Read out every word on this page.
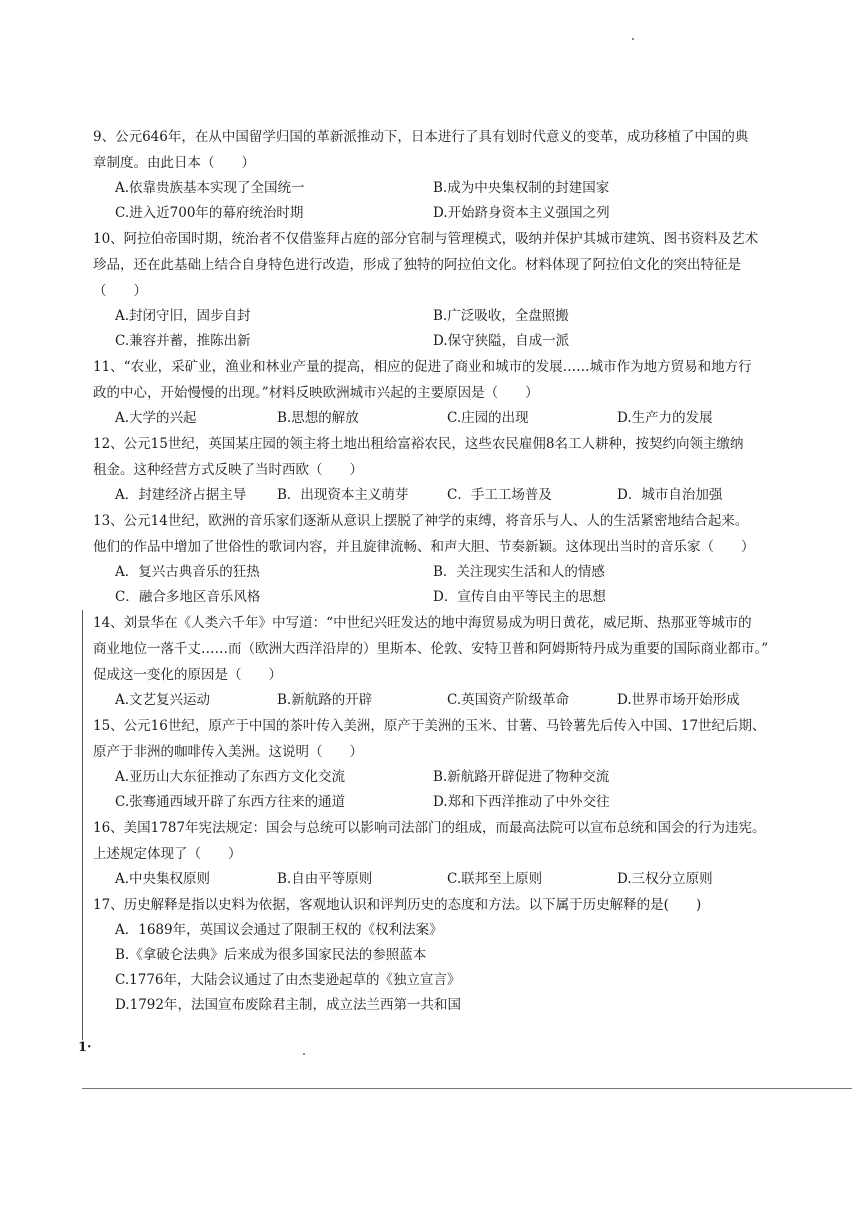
1·

9、公元646年，在从中国留学归国的革新派推动下，日本进行了具有划时代意义的变革，成功移植了中国的典
章制度。由此日本（　　）

A.依靠贵族基本实现了全国统一	B.成为中央集权制的封建国家
C.进入近700年的幕府统治时期	D.开始跻身资本主义强国之列

10、阿拉伯帝国时期，统治者不仅借鉴拜占庭的部分官制与管理模式，吸纳并保护其城市建筑、图书资料及艺术
珍品，还在此基础上结合自身特色进行改造，形成了独特的阿拉伯文化。材料体现了阿拉伯文化的突出特征是
（　　）

A.封闭守旧，固步自封	B.广泛吸收，全盘照搬
C.兼容并蓄，推陈出新	D.保守狭隘，自成一派

11、“农业，采矿业，渔业和林业产量的提高，相应的促进了商业和城市的发展……城市作为地方贸易和地方行
政的中心，开始慢慢的出现。”材料反映欧洲城市兴起的主要原因是（　　）

A.大学的兴起	B.思想的解放	C.庄园的出现	D.生产力的发展

12、公元15世纪，英国某庄园的领主将土地出租给富裕农民，这些农民雇佣8名工人耕种，按契约向领主缴纳
租金。这种经营方式反映了当时西欧（　　）

A．封建经济占据主导	B．出现资本主义萌芽	C．手工工场普及	D．城市自治加强

13、公元14世纪，欧洲的音乐家们逐渐从意识上摆脱了神学的束缚，将音乐与人、人的生活紧密地结合起来。
他们的作品中增加了世俗性的歌词内容，并且旋律流畅、和声大胆、节奏新颖。这体现出当时的音乐家（　　）

A．复兴古典音乐的狂热	B．关注现实生活和人的情感
C．融合多地区音乐风格	D．宣传自由平等民主的思想

14、刘景华在《人类六千年》中写道：“中世纪兴旺发达的地中海贸易成为明日黄花，威尼斯、热那亚等城市的
商业地位一落千丈……而（欧洲大西洋沿岸的）里斯本、伦敦、安特卫普和阿姆斯特丹成为重要的国际商业都市。”
促成这一变化的原因是（　　）

A.文艺复兴运动	B.新航路的开辟	C.英国资产阶级革命	D.世界市场开始形成

15、公元16世纪，原产于中国的茶叶传入美洲，原产于美洲的玉米、甘薯、马铃薯先后传入中国、17世纪后期、
原产于非洲的咖啡传入美洲。这说明（　　）

A.亚历山大东征推动了东西方文化交流	B.新航路开辟促进了物种交流
C.张骞通西域开辟了东西方往来的通道	D.郑和下西洋推动了中外交往

16、美国1787年宪法规定：国会与总统可以影响司法部门的组成，而最高法院可以宣布总统和国会的行为违宪。
上述规定体现了（　　）

A.中央集权原则	B.自由平等原则	C.联邦至上原则	D.三权分立原则

17、历史解释是指以史料为依据，客观地认识和评判历史的态度和方法。以下属于历史解释的是(　　)

A．1689年，英国议会通过了限制王权的《权利法案》
B.《拿破仑法典》后来成为很多国家民法的参照蓝本
C.1776年，大陆会议通过了由杰斐逊起草的《独立宣言》
D.1792年，法国宣布废除君主制，成立法兰西第一共和国
